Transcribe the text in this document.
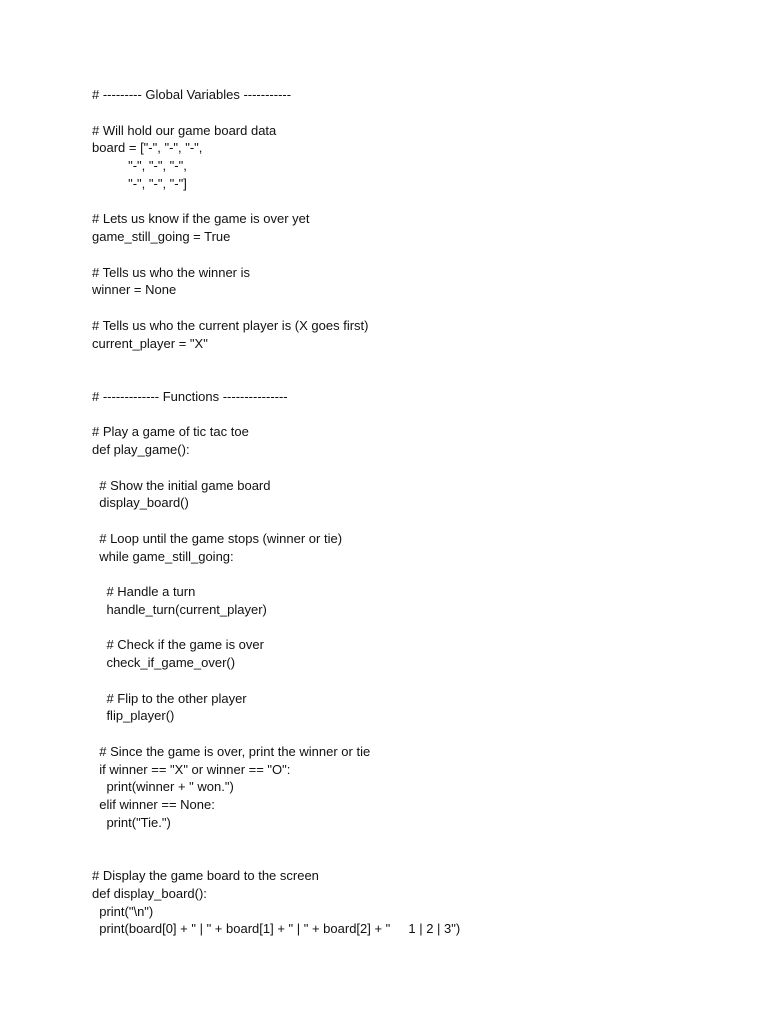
# --------- Global Variables -----------
# Will hold our game board data
board = ["-", "-", "-",
"-", "-", "-",
"-", "-", "-"]
# Lets us know if the game is over yet
game_still_going = True
# Tells us who the winner is
winner = None
# Tells us who the current player is (X goes first)
current_player = "X"
# ------------- Functions ---------------
# Play a game of tic tac toe
def play_game():
# Show the initial game board
display_board()
# Loop until the game stops (winner or tie)
while game_still_going:
# Handle a turn
handle_turn(current_player)
# Check if the game is over
check_if_game_over()
# Flip to the other player
flip_player()
# Since the game is over, print the winner or tie
if winner == "X" or winner == "O":
print(winner + " won.")
elif winner == None:
print("Tie.")
# Display the game board to the screen
def display_board():
print("\n")
print(board[0] + " | " + board[1] + " | " + board[2] + "     1 | 2 | 3")
